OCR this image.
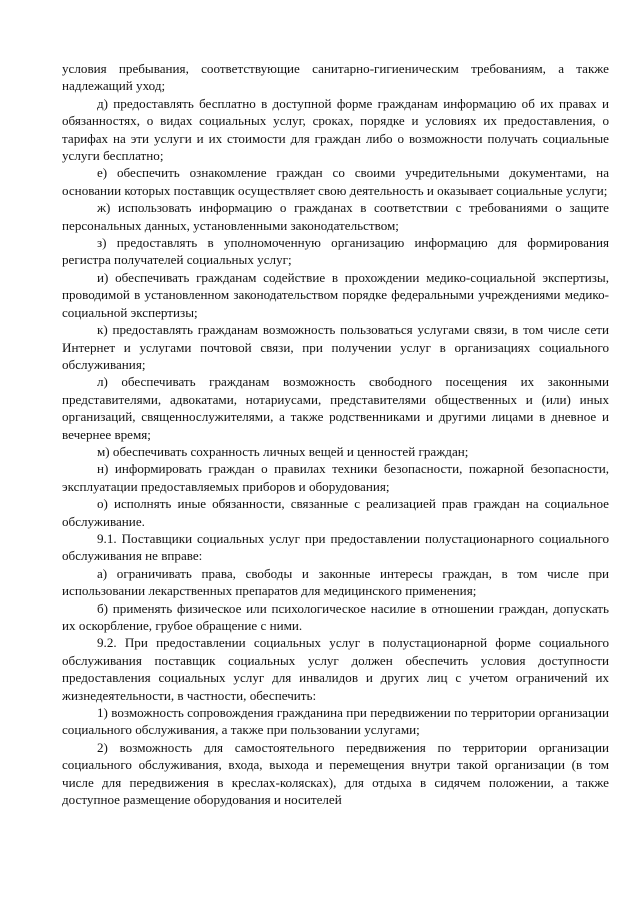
условия пребывания, соответствующие санитарно-гигиеническим требованиям, а также надлежащий уход;

д) предоставлять бесплатно в доступной форме гражданам информацию об их правах и обязанностях, о видах социальных услуг, сроках, порядке и условиях их предоставления, о тарифах на эти услуги и их стоимости для граждан либо о возможности получать социальные услуги бесплатно;

е) обеспечить ознакомление граждан со своими учредительными документами, на основании которых поставщик осуществляет свою деятельность и оказывает социальные услуги;

ж) использовать информацию о гражданах в соответствии с требованиями о защите персональных данных, установленными законодательством;

з) предоставлять в уполномоченную организацию информацию для формирования регистра получателей социальных услуг;

и) обеспечивать гражданам содействие в прохождении медико-социальной экспертизы, проводимой в установленном законодательством порядке федеральными учреждениями медико-социальной экспертизы;

к) предоставлять гражданам возможность пользоваться услугами связи, в том числе сети Интернет и услугами почтовой связи, при получении услуг в организациях социального обслуживания;

л) обеспечивать гражданам возможность свободного посещения их законными представителями, адвокатами, нотариусами, представителями общественных и (или) иных организаций, священнослужителями, а также родственниками и другими лицами в дневное и вечернее время;

м) обеспечивать сохранность личных вещей и ценностей граждан;

н) информировать граждан о правилах техники безопасности, пожарной безопасности, эксплуатации предоставляемых приборов и оборудования;

о) исполнять иные обязанности, связанные с реализацией прав граждан на социальное обслуживание.

9.1. Поставщики социальных услуг при предоставлении полустационарного социального обслуживания не вправе:

а) ограничивать права, свободы и законные интересы граждан, в том числе при использовании лекарственных препаратов для медицинского применения;

б) применять физическое или психологическое насилие в отношении граждан, допускать их оскорбление, грубое обращение с ними.

9.2. При предоставлении социальных услуг в полустационарной форме социального обслуживания поставщик социальных услуг должен обеспечить условия доступности предоставления социальных услуг для инвалидов и других лиц с учетом ограничений их жизнедеятельности, в частности, обеспечить:

1) возможность сопровождения гражданина при передвижении по территории организации социального обслуживания, а также при пользовании услугами;

2) возможность для самостоятельного передвижения по территории организации социального обслуживания, входа, выхода и перемещения внутри такой организации (в том числе для передвижения в креслах-колясках), для отдыха в сидячем положении, а также доступное размещение оборудования и носителей
